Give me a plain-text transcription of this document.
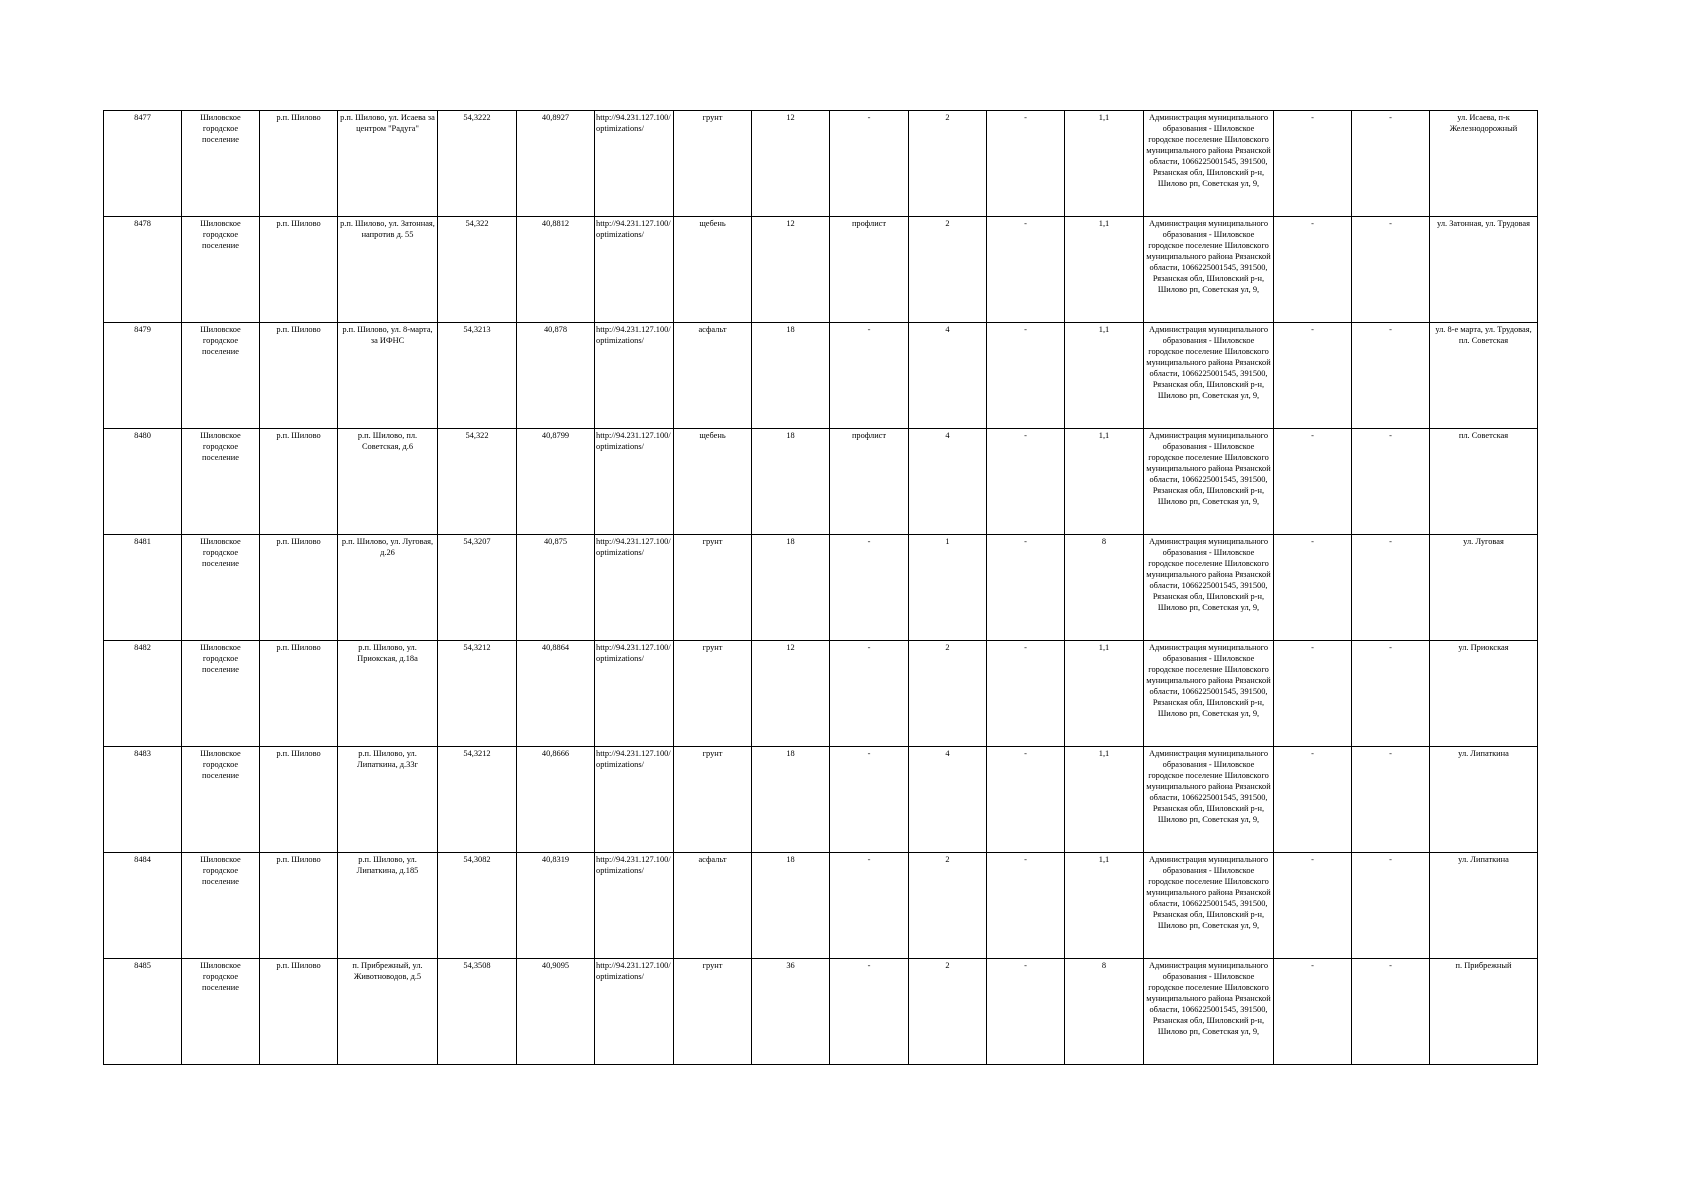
8477	Шиловское городское поселение	р.п. Шилово	р.п. Шилово, ул. Исаева за центром "Радуга"	54,3222	40,8927	http://94.231.127.100/optimizations/	грунт	12	-	2	-	1,1	Администрация муниципального образования - Шиловское городское поселение Шиловского муниципального района Рязанской области, 1066225001545, 391500, Рязанская обл, Шиловский р-н, Шилово рп, Советская ул, 9,	-	-	ул. Исаева, п-к Железнодорожный
8478	Шиловское городское поселение	р.п. Шилово	р.п. Шилово, ул. Затонная, напротив д. 55	54,322	40,8812	http://94.231.127.100/optimizations/	щебень	12	профлист	2	-	1,1	Администрация муниципального образования - Шиловское городское поселение Шиловского муниципального района Рязанской области, 1066225001545, 391500, Рязанская обл, Шиловский р-н, Шилово рп, Советская ул, 9,	-	-	ул. Затонная, ул. Трудовая
8479	Шиловское городское поселение	р.п. Шилово	р.п. Шилово, ул. 8-марта, за ИФНС	54,3213	40,878	http://94.231.127.100/optimizations/	асфальт	18	-	4	-	1,1	Администрация муниципального образования - Шиловское городское поселение Шиловского муниципального района Рязанской области, 1066225001545, 391500, Рязанская обл, Шиловский р-н, Шилово рп, Советская ул, 9,	-	-	ул. 8-е марта, ул. Трудовая, пл. Советская
8480	Шиловское городское поселение	р.п. Шилово	р.п. Шилово, пл. Советская, д.6	54,322	40,8799	http://94.231.127.100/optimizations/	щебень	18	профлист	4	-	1,1	Администрация муниципального образования - Шиловское городское поселение Шиловского муниципального района Рязанской области, 1066225001545, 391500, Рязанская обл, Шиловский р-н, Шилово рп, Советская ул, 9,	-	-	пл. Советская
8481	Шиловское городское поселение	р.п. Шилово	р.п. Шилово, ул. Луговая, д.26	54,3207	40,875	http://94.231.127.100/optimizations/	грунт	18	-	1	-	8	Администрация муниципального образования - Шиловское городское поселение Шиловского муниципального района Рязанской области, 1066225001545, 391500, Рязанская обл, Шиловский р-н, Шилово рп, Советская ул, 9,	-	-	ул. Луговая
8482	Шиловское городское поселение	р.п. Шилово	р.п. Шилово, ул. Приокская, д.18а	54,3212	40,8864	http://94.231.127.100/optimizations/	грунт	12	-	2	-	1,1	Администрация муниципального образования - Шиловское городское поселение Шиловского муниципального района Рязанской области, 1066225001545, 391500, Рязанская обл, Шиловский р-н, Шилово рп, Советская ул, 9,	-	-	ул. Приокская
8483	Шиловское городское поселение	р.п. Шилово	р.п. Шилово, ул. Липаткина, д.33г	54,3212	40,8666	http://94.231.127.100/optimizations/	грунт	18	-	4	-	1,1	Администрация муниципального образования - Шиловское городское поселение Шиловского муниципального района Рязанской области, 1066225001545, 391500, Рязанская обл, Шиловский р-н, Шилово рп, Советская ул, 9,	-	-	ул. Липаткина
8484	Шиловское городское поселение	р.п. Шилово	р.п. Шилово, ул. Липаткина, д.185	54,3082	40,8319	http://94.231.127.100/optimizations/	асфальт	18	-	2	-	1,1	Администрация муниципального образования - Шиловское городское поселение Шиловского муниципального района Рязанской области, 1066225001545, 391500, Рязанская обл, Шиловский р-н, Шилово рп, Советская ул, 9,	-	-	ул. Липаткина
8485	Шиловское городское поселение	р.п. Шилово	п. Прибрежный, ул. Животноводов, д.5	54,3508	40,9095	http://94.231.127.100/optimizations/	грунт	36	-	2	-	8	Администрация муниципального образования - Шиловское городское поселение Шиловского муниципального района Рязанской области, 1066225001545, 391500, Рязанская обл, Шиловский р-н, Шилово рп, Советская ул, 9,	-	-	п. Прибрежный
